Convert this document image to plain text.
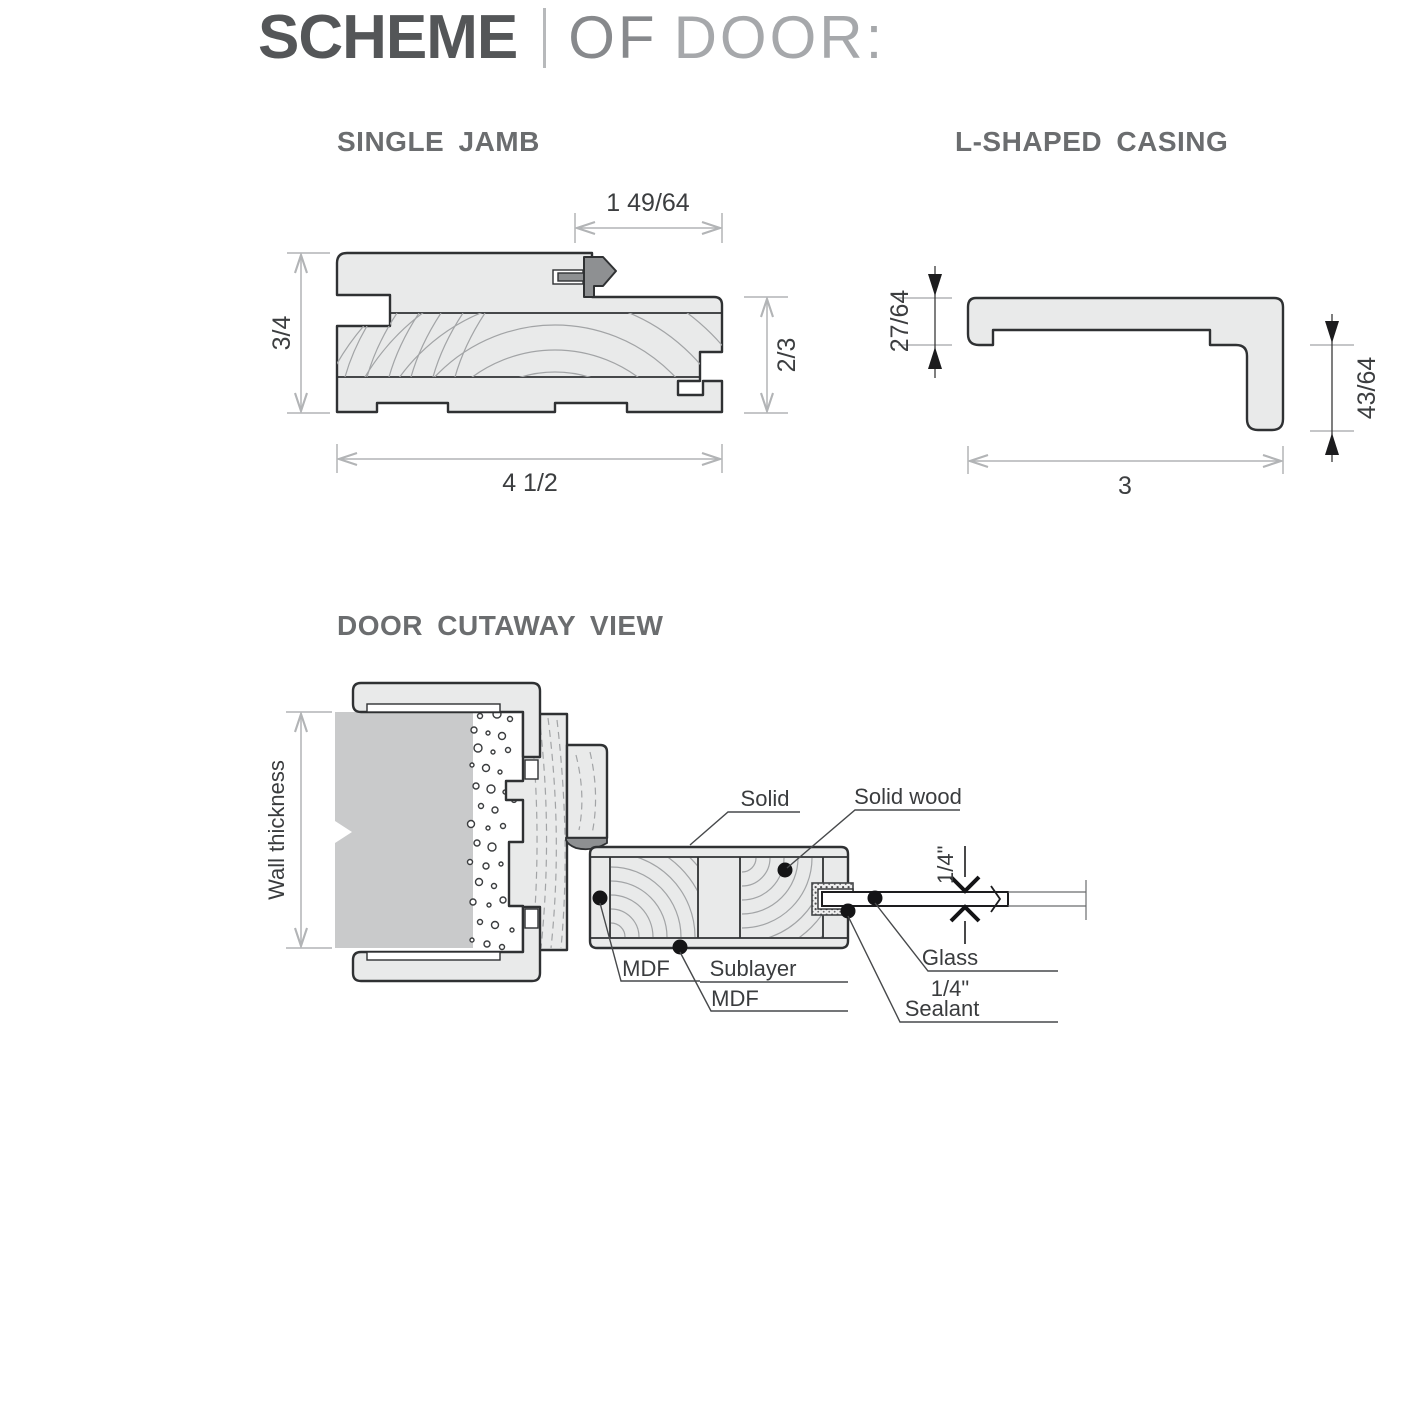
SCHEME OF DOOR:
SINGLE JAMB	L-SHAPED CASING
DOOR CUTAWAY VIEW
1 49/64
3/4
2/3
4 1/2
27/64
43/64
3
1/4"
Wall thickness	Solid	Solid wood
MDF Sublayer
MDF
Glass
1/4"
Sealant
